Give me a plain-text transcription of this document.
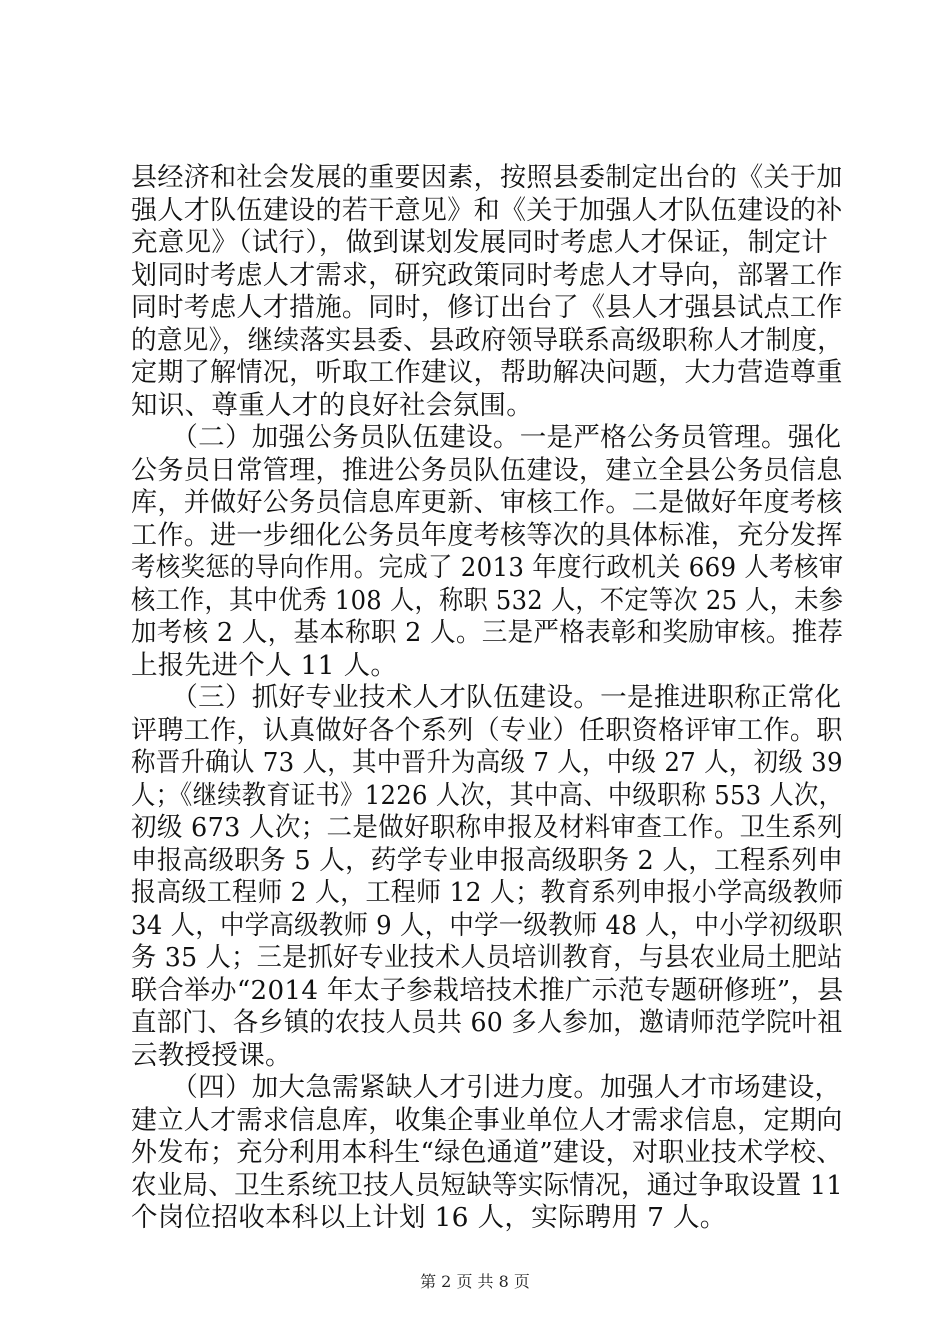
县经济和社会发展的重要因素，按照县委制定出台的《关于加
强人才队伍建设的若干意见》和《关于加强人才队伍建设的补
充意见》（试行），做到谋划发展同时考虑人才保证，制定计
划同时考虑人才需求，研究政策同时考虑人才导向，部署工作
同时考虑人才措施。同时，修订出台了《县人才强县试点工作
的意见》，继续落实县委、县政府领导联系高级职称人才制度，
定期了解情况，听取工作建议，帮助解决问题，大力营造尊重
知识、尊重人才的良好社会氛围。
　　（二）加强公务员队伍建设。一是严格公务员管理。强化
公务员日常管理，推进公务员队伍建设，建立全县公务员信息
库，并做好公务员信息库更新、审核工作。二是做好年度考核
工作。进一步细化公务员年度考核等次的具体标准，充分发挥
考核奖惩的导向作用。完成了 2013 年度行政机关 669 人考核审
核工作，其中优秀 108 人，称职 532 人，不定等次 25 人，未参
加考核 2 人，基本称职 2 人。三是严格表彰和奖励审核。推荐
上报先进个人 11 人。
　　（三）抓好专业技术人才队伍建设。一是推进职称正常化
评聘工作，认真做好各个系列（专业）任职资格评审工作。职
称晋升确认 73 人，其中晋升为高级 7 人，中级 27 人，初级 39
人；《继续教育证书》1226 人次，其中高、中级职称 553 人次，
初级 673 人次；二是做好职称申报及材料审查工作。卫生系列
申报高级职务 5 人，药学专业申报高级职务 2 人，工程系列申
报高级工程师 2 人，工程师 12 人；教育系列申报小学高级教师
34 人，中学高级教师 9 人，中学一级教师 48 人，中小学初级职
务 35 人；三是抓好专业技术人员培训教育，与县农业局土肥站
联合举办“2014 年太子参栽培技术推广示范专题研修班”，县
直部门、各乡镇的农技人员共 60 多人参加，邀请师范学院叶祖
云教授授课。
　　（四）加大急需紧缺人才引进力度。加强人才市场建设，
建立人才需求信息库，收集企事业单位人才需求信息，定期向
外发布；充分利用本科生“绿色通道”建设，对职业技术学校、
农业局、卫生系统卫技人员短缺等实际情况，通过争取设置 11
个岗位招收本科以上计划 16 人，实际聘用 7 人。
第 2 页 共 8 页
